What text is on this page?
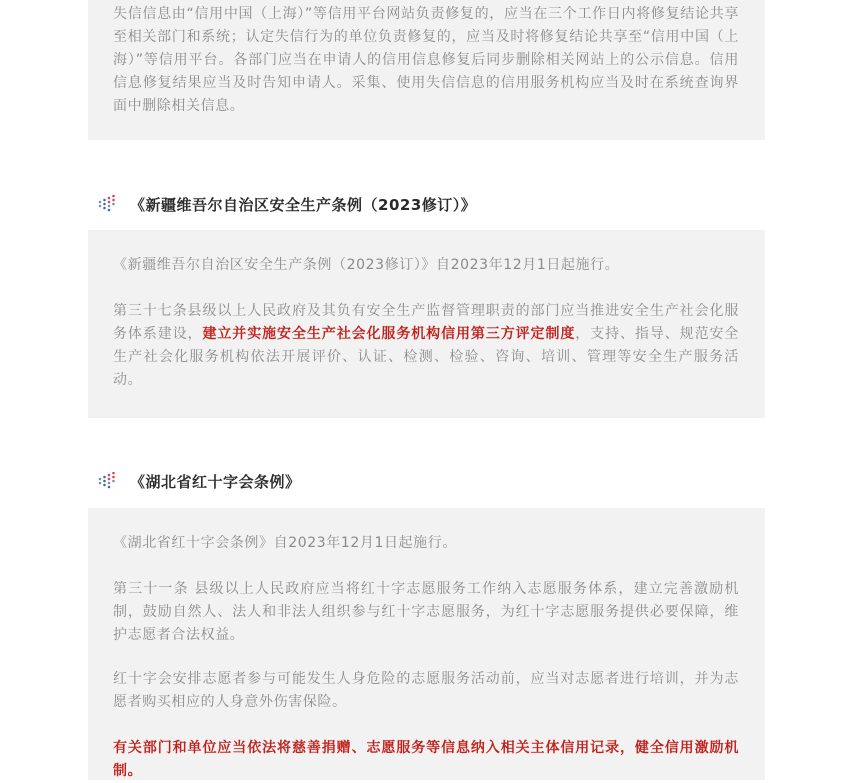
失信信息由“信用中国（上海）”等信用平台网站负责修复的，应当在三个工作日内将修复结论共享至相关部门和系统；认定失信行为的单位负责修复的，应当及时将修复结论共享至“信用中国（上海）”等信用平台。各部门应当在申请人的信用信息修复后同步删除相关网站上的公示信息。信用信息修复结果应当及时告知申请人。采集、使用失信信息的信用服务机构应当及时在系统查询界面中删除相关信息。

《新疆维吾尔自治区安全生产条例（2023修订）》

《新疆维吾尔自治区安全生产条例（2023修订）》自2023年12月1日起施行。

第三十七条县级以上人民政府及其负有安全生产监督管理职责的部门应当推进安全生产社会化服务体系建设，建立并实施安全生产社会化服务机构信用第三方评定制度，支持、指导、规范安全生产社会化服务机构依法开展评价、认证、检测、检验、咨询、培训、管理等安全生产服务活动。

《湖北省红十字会条例》

《湖北省红十字会条例》自2023年12月1日起施行。

第三十一条 县级以上人民政府应当将红十字志愿服务工作纳入志愿服务体系，建立完善激励机制，鼓励自然人、法人和非法人组织参与红十字志愿服务，为红十字志愿服务提供必要保障，维护志愿者合法权益。

红十字会安排志愿者参与可能发生人身危险的志愿服务活动前，应当对志愿者进行培训，并为志愿者购买相应的人身意外伤害保险。

有关部门和单位应当依法将慈善捐赠、志愿服务等信息纳入相关主体信用记录，健全信用激励机制。
